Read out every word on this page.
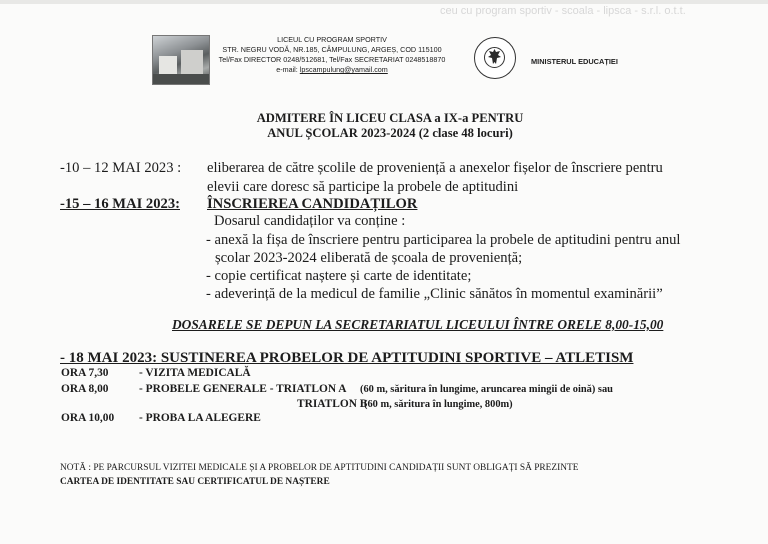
ceu cu program sportiv - scoala - lipsca - s.r.l. o.t.t.
LICEUL CU PROGRAM SPORTIV
STR. NEGRU VODĂ, NR.185, CÂMPULUNG, ARGEȘ, COD 115100
Tel/Fax DIRECTOR 0248/512681, Tel/Fax SECRETARIAT 0248518870
e-mail: lpscampulung@yamail.com
MINISTERUL EDUCAȚIEI
ADMITERE ÎN LICEU CLASA a IX-a PENTRU
ANUL ȘCOLAR 2023-2024 (2 clase 48 locuri)
-10 – 12 MAI 2023 : eliberarea de către școlile de proveniență a anexelor fișelor de înscriere pentru
elevii care doresc să participe la probele de aptitudini
-15 – 16 MAI 2023: ÎNSCRIEREA CANDIDAȚILOR
Dosarul candidaților va conține :
- anexă la fișa de înscriere pentru participarea la probele de aptitudini pentru anul
școlar 2023-2024 eliberată de școala de proveniență;
- copie certificat naștere și carte de identitate;
- adeverință de la medicul de familie „Clinic sănătos în momentul examinării”
DOSARELE SE DEPUN LA SECRETARIATUL LICEULUI ÎNTRE ORELE 8,00-15,00
- 18 MAI 2023: SUSTINEREA PROBELOR DE APTITUDINI SPORTIVE – ATLETISM
ORA 7,30	- VIZITA MEDICALĂ
ORA 8,00	- PROBELE GENERALE - TRIATLON A (60 m, săritura în lungime, aruncarea mingii de oină) sau
TRIATLON B
(60 m, săritura în lungime, 800m)
ORA 10,00 - PROBA LA ALEGERE
NOTĂ : PE PARCURSUL VIZITEI MEDICALE ȘI A PROBELOR DE APTITUDINI CANDIDAȚII SUNT OBLIGAȚI SĂ PREZINTE
CARTEA DE IDENTITATE SAU CERTIFICATUL DE NAȘTERE
